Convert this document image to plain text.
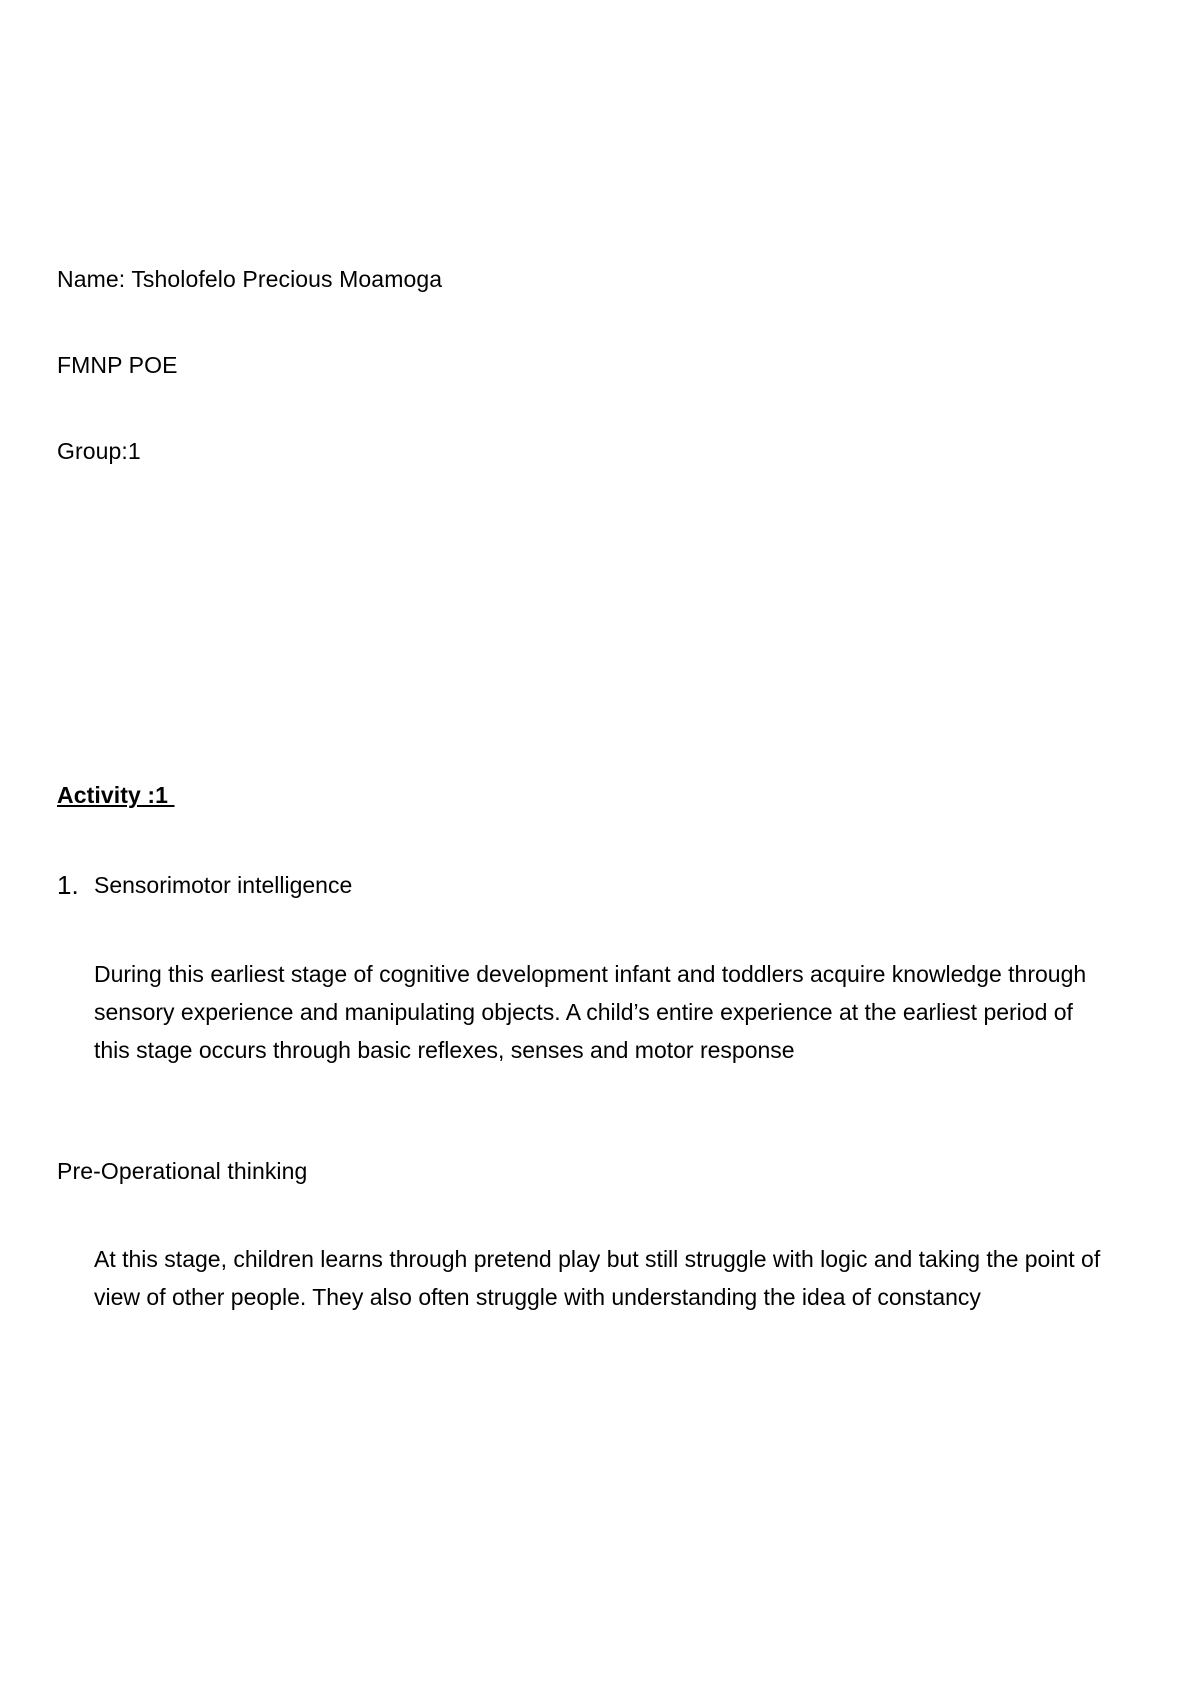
Name: Tsholofelo Precious Moamoga
FMNP POE
Group:1
Activity :1
1. Sensorimotor intelligence
During this earliest stage of cognitive development infant and toddlers acquire knowledge through sensory experience and manipulating objects. A child’s entire experience at the earliest period of this stage occurs through basic reflexes, senses and motor response
Pre-Operational thinking
At this stage, children learns through pretend play but still struggle with logic and taking the point of view of other people. They also often struggle with understanding the idea of constancy
